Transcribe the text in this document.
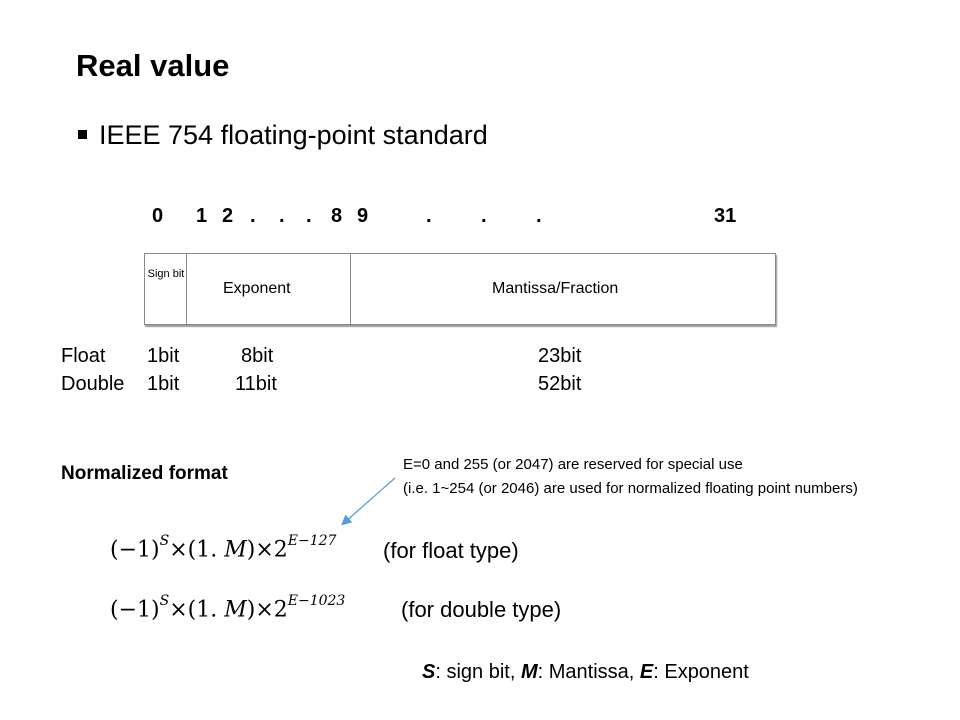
Real value
IEEE 754 floating-point standard
0 1 2 . . . 8 9	. . .	31
Sign bit
Exponent	Mantissa/Fraction
Float 1bit	8bit	23bit
Double 1bit	11bit	52bit
Normalized format	E=0 and 255 (or 2047) are reserved for special use
(i.e. 1~254 (or 2046) are used for normalized floating point numbers)
$(-1)^S\times(1$. $M)\times 2^{E-127}$ (for float type)
$(-1)^S\times(1$. $M)\times 2^{E-1023}$	(for double type)
S: sign bit, M: Mantissa, E: Exponent
